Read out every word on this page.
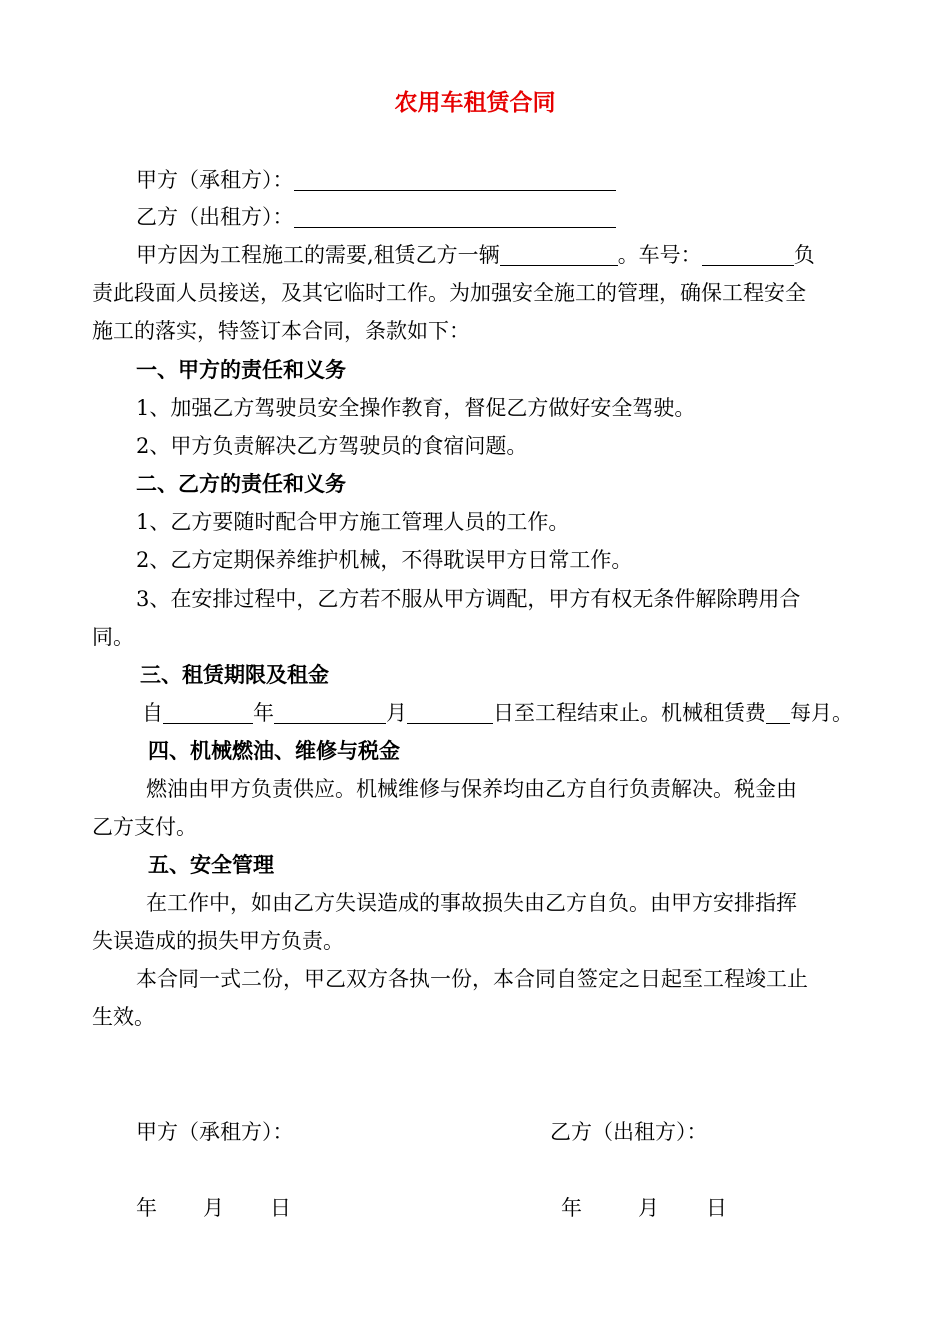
农用车租赁合同
甲方（承租方）：
乙方（出租方）：
甲方因为工程施工的需要,租赁乙方一辆	。车号：	负
责此段面人员接送，及其它临时工作。为加强安全施工的管理，确保工程安全
施工的落实，特签订本合同，条款如下：
一、甲方的责任和义务
1、加强乙方驾驶员安全操作教育，督促乙方做好安全驾驶。
2、甲方负责解决乙方驾驶员的食宿问题。
二、乙方的责任和义务
1、乙方要随时配合甲方施工管理人员的工作。
2、乙方定期保养维护机械，不得耽误甲方日常工作。
3、在安排过程中，乙方若不服从甲方调配，甲方有权无条件解除聘用合
同。
三、租赁期限及租金
自	年	月	日至工程结束止。机械租赁费 每月。
四、机械燃油、维修与税金
燃油由甲方负责供应。机械维修与保养均由乙方自行负责解决。税金由
乙方支付。
五、安全管理
在工作中，如由乙方失误造成的事故损失由乙方自负。由甲方安排指挥
失误造成的损失甲方负责。
本合同一式二份，甲乙双方各执一份，本合同自签定之日起至工程竣工止
生效。
甲方（承租方）：	乙方（出租方）：
年 月 日	年	月 日
